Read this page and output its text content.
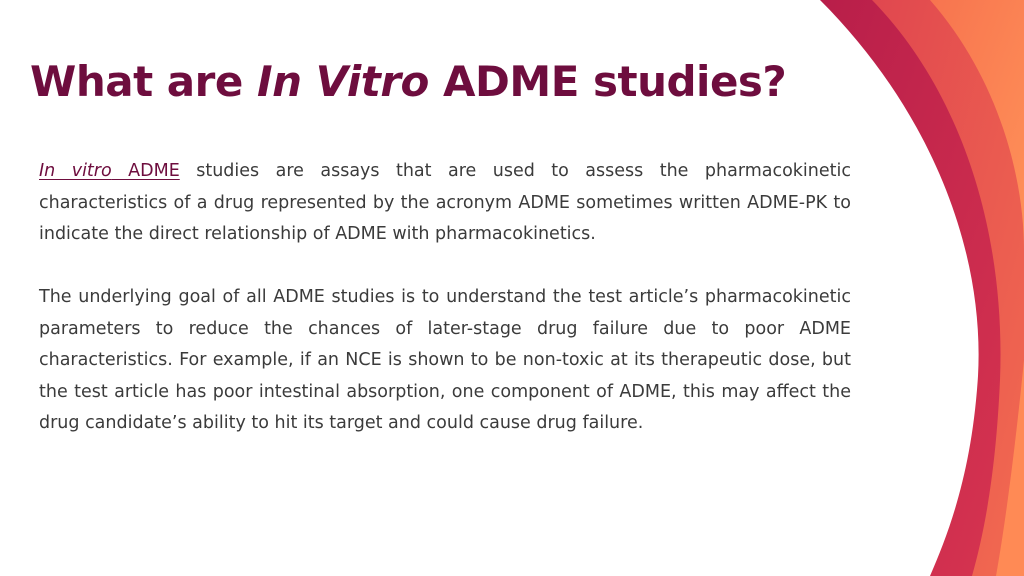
What are In Vitro ADME studies?

In vitro ADME studies are assays that are used to assess the pharmacokinetic characteristics of a drug represented by the acronym ADME sometimes written ADME-PK to indicate the direct relationship of ADME with pharmacokinetics.

The underlying goal of all ADME studies is to understand the test article’s pharmacokinetic parameters to reduce the chances of later-stage drug failure due to poor ADME characteristics. For example, if an NCE is shown to be non-toxic at its therapeutic dose, but the test article has poor intestinal absorption, one component of ADME, this may affect the drug candidate’s ability to hit its target and could cause drug failure.
